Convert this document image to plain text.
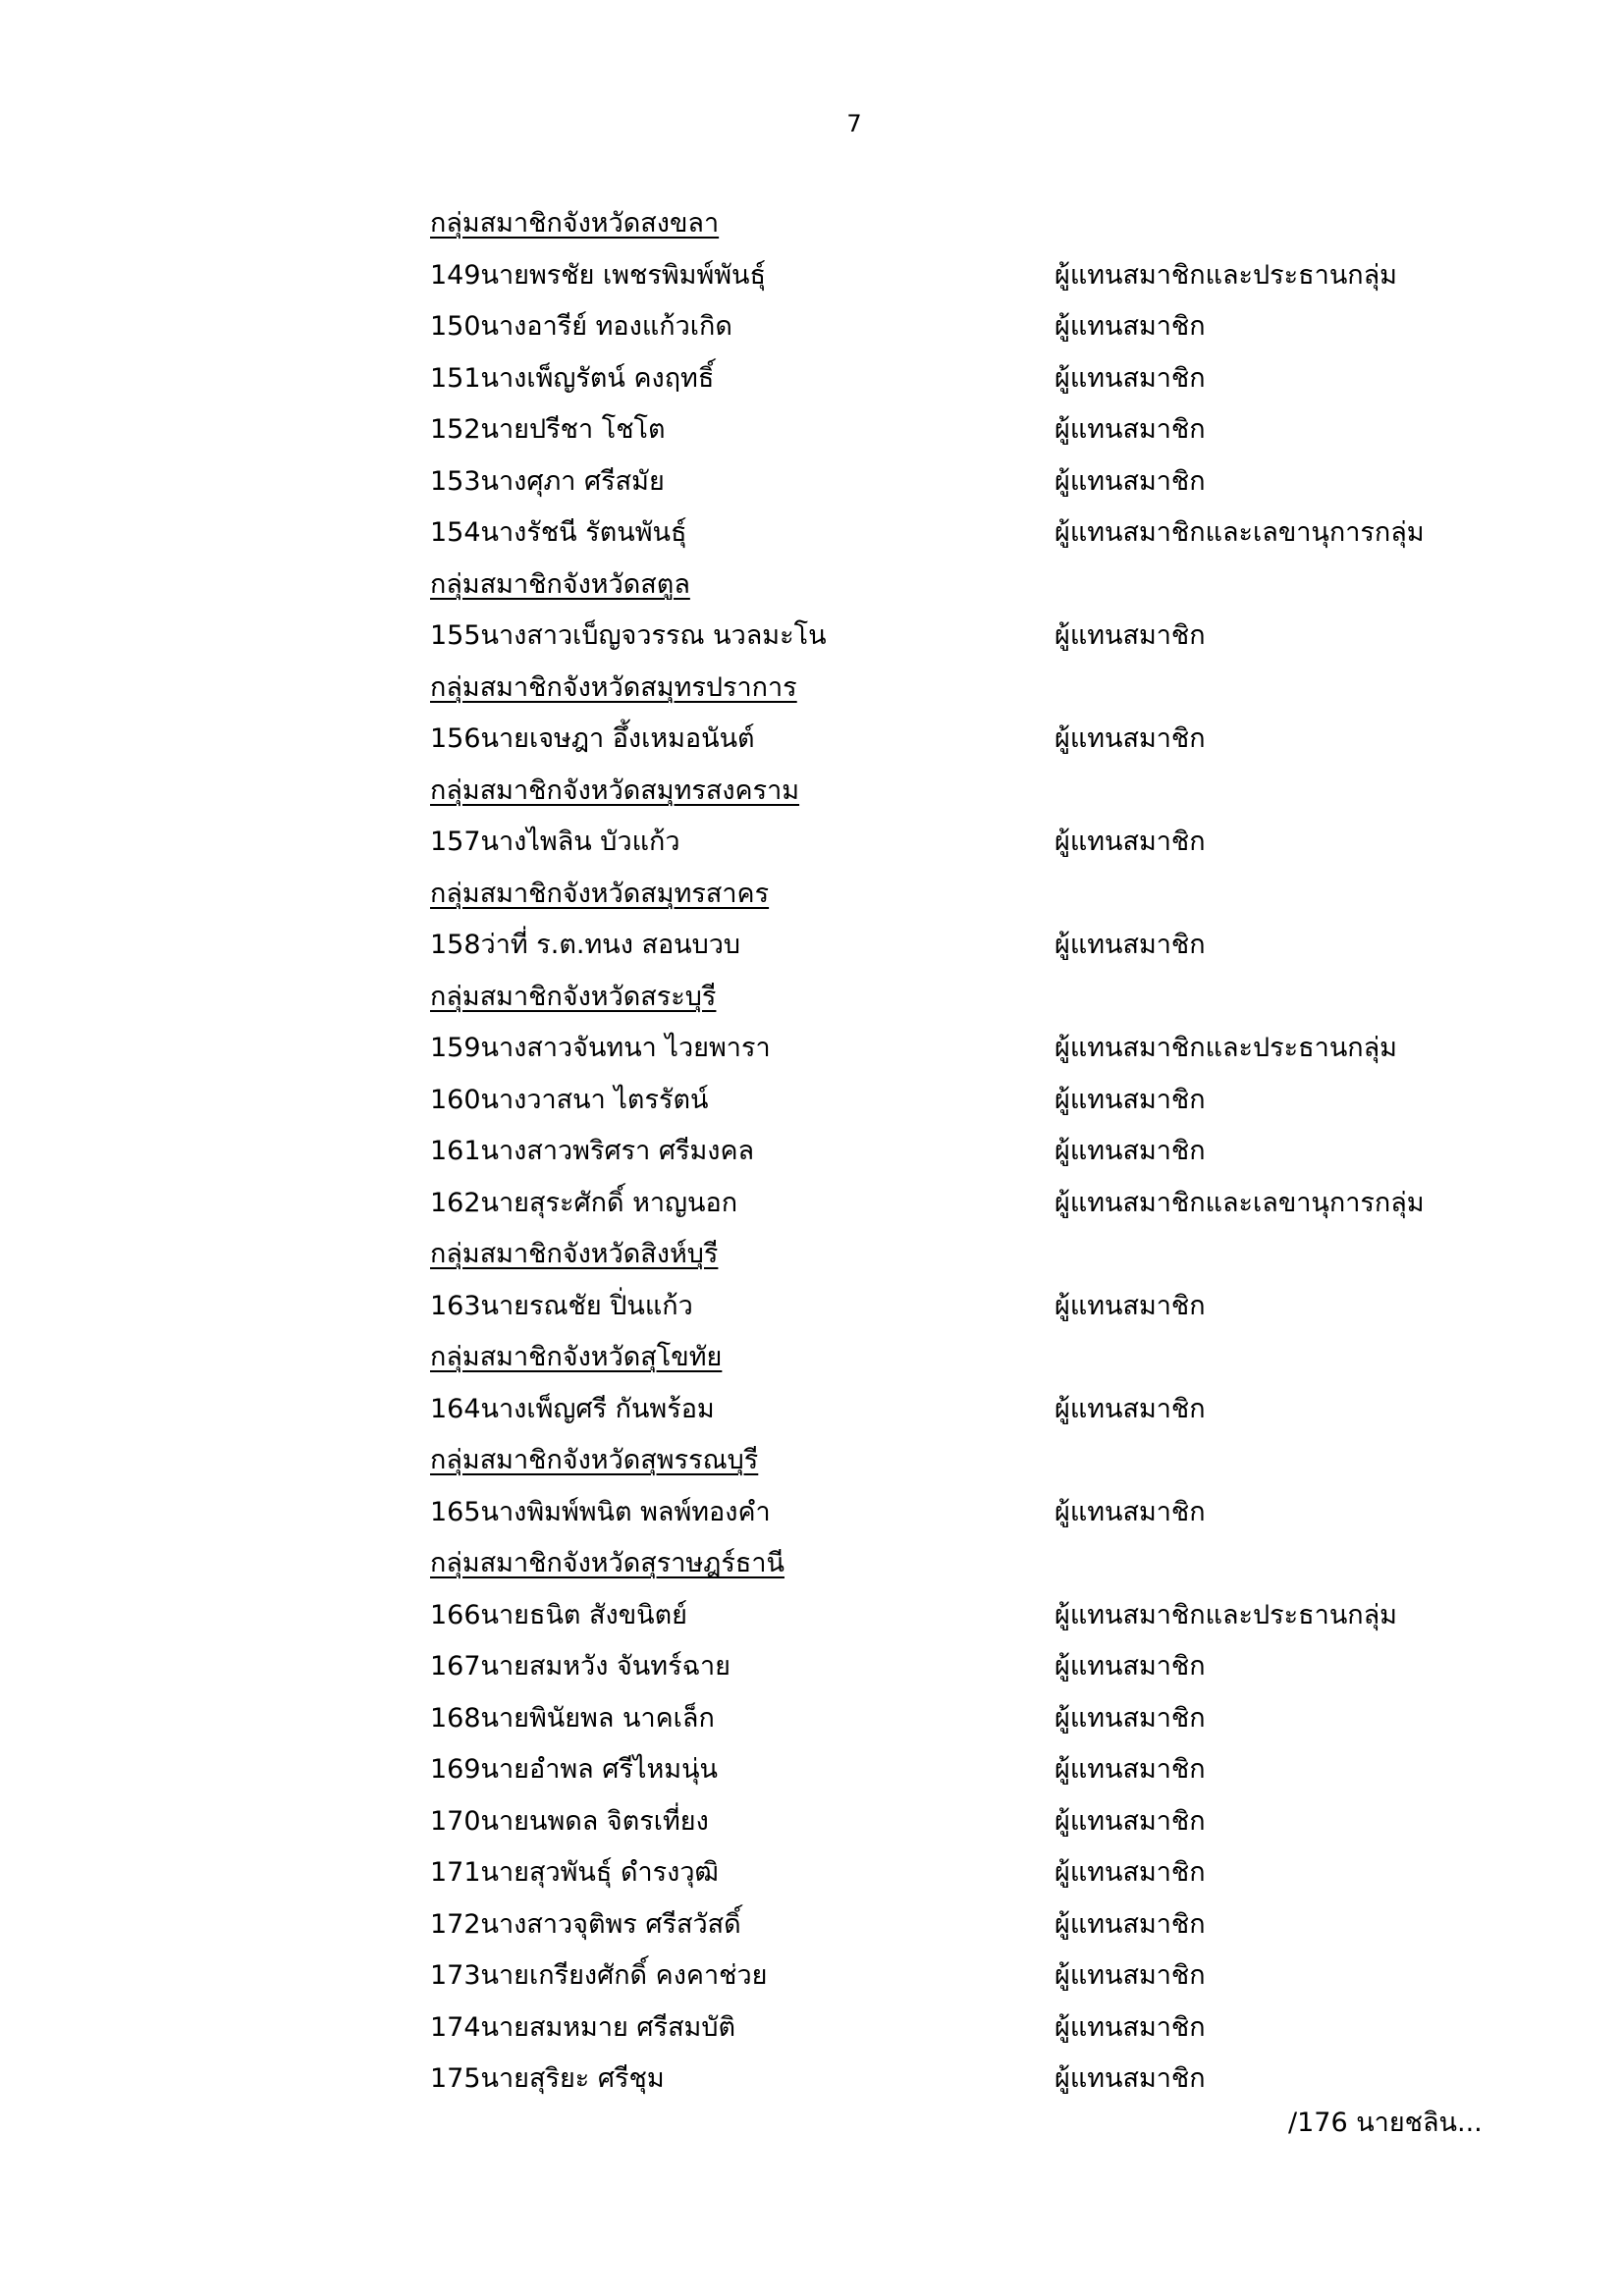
7
กลุ่มสมาชิกจังหวัดสงขลา
149นายพรชัย เพชรพิมพ์พันธุ์	ผู้แทนสมาชิกและประธานกลุ่ม
150นางอารีย์ ทองแก้วเกิด	ผู้แทนสมาชิก
151นางเพ็ญรัตน์ คงฤทธิ์	ผู้แทนสมาชิก
152นายปรีชา โชโต	ผู้แทนสมาชิก
153นางศุภา ศรีสมัย	ผู้แทนสมาชิก
154นางรัชนี รัตนพันธุ์	ผู้แทนสมาชิกและเลขานุการกลุ่ม
กลุ่มสมาชิกจังหวัดสตูล
155นางสาวเบ็ญจวรรณ นวลมะโน	ผู้แทนสมาชิก
กลุ่มสมาชิกจังหวัดสมุทรปราการ
156นายเจษฎา อึ้งเหมอนันต์	ผู้แทนสมาชิก
กลุ่มสมาชิกจังหวัดสมุทรสงคราม
157นางไพลิน บัวแก้ว	ผู้แทนสมาชิก
กลุ่มสมาชิกจังหวัดสมุทรสาคร
158ว่าที่ ร.ต.ทนง สอนบวบ	ผู้แทนสมาชิก
กลุ่มสมาชิกจังหวัดสระบุรี
159นางสาวจันทนา ไวยพารา	ผู้แทนสมาชิกและประธานกลุ่ม
160นางวาสนา ไตรรัตน์	ผู้แทนสมาชิก
161นางสาวพริศรา ศรีมงคล	ผู้แทนสมาชิก
162นายสุระศักดิ์ หาญนอก	ผู้แทนสมาชิกและเลขานุการกลุ่ม
กลุ่มสมาชิกจังหวัดสิงห์บุรี
163นายรณชัย ปิ่นแก้ว	ผู้แทนสมาชิก
กลุ่มสมาชิกจังหวัดสุโขทัย
164นางเพ็ญศรี กันพร้อม	ผู้แทนสมาชิก
กลุ่มสมาชิกจังหวัดสุพรรณบุรี
165นางพิมพ์พนิต พลพ์ทองคำ	ผู้แทนสมาชิก
กลุ่มสมาชิกจังหวัดสุราษฎร์ธานี
166นายธนิต สังขนิตย์	ผู้แทนสมาชิกและประธานกลุ่ม
167นายสมหวัง จันทร์ฉาย	ผู้แทนสมาชิก
168นายพินัยพล นาคเล็ก	ผู้แทนสมาชิก
169นายอำพล ศรีไหมนุ่น	ผู้แทนสมาชิก
170นายนพดล จิตรเที่ยง	ผู้แทนสมาชิก
171นายสุวพันธุ์ ดำรงวุฒิ	ผู้แทนสมาชิก
172นางสาวจุติพร ศรีสวัสดิ์	ผู้แทนสมาชิก
173นายเกรียงศักดิ์ คงคาช่วย	ผู้แทนสมาชิก
174นายสมหมาย ศรีสมบัติ	ผู้แทนสมาชิก
175นายสุริยะ ศรีชุม	ผู้แทนสมาชิก
/176 นายชลิน...
